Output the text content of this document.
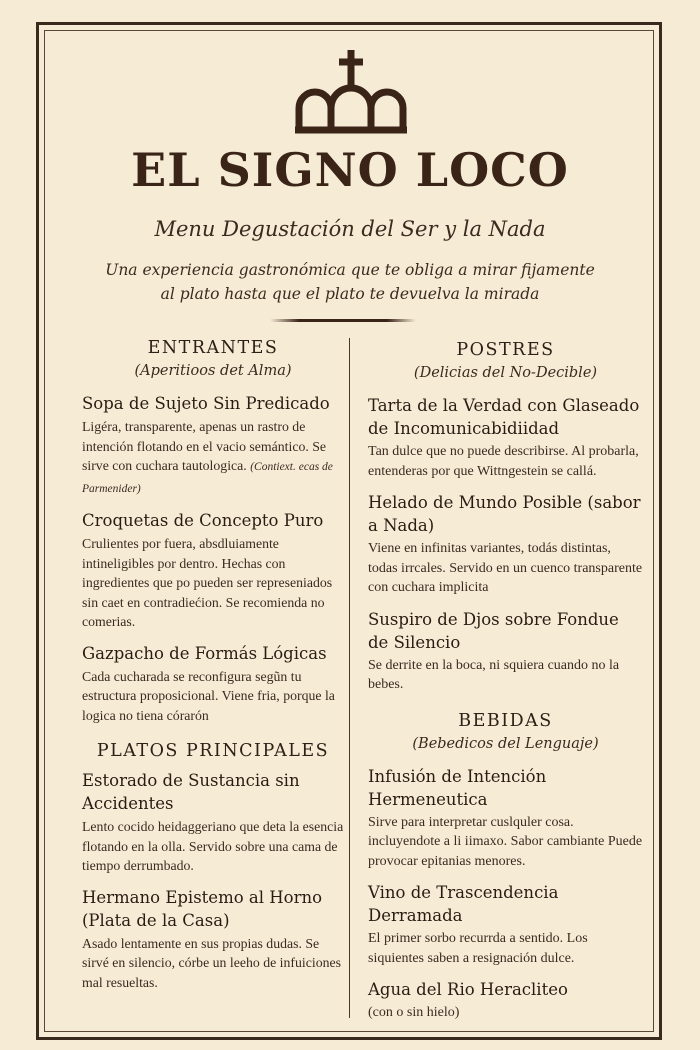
EL SIGNO LOCO
Menu Degustación del Ser y la Nada
Una experiencia gastronómica que te obliga a mirar fijamente
al plato hasta que el plato te devuelva la mirada
ENTRANTES
(Aperitioos det Alma)
Sopa de Sujeto Sin Predicado
Ligéra, transparente, apenas un rastro de intención flotando en el vacio semántico. Se sirve con cuchara tautologica. (Contiext. ecas de Parmenider)
Croquetas de Concepto Puro
Crulientes por fuera, absdluiamente intineligibles por dentro. Hechas con ingredientes que po pueden ser represeniados sin caet en contradiećion. Se recomienda no comerias.
Gazpacho de Formás Lógicas
Cada cucharada se reconfigura segũn tu estructura proposicional. Viene fria, porque la logica no tiena córarón
PLATOS PRINCIPALES
Estorado de Sustancia sin Accidentes
Lento cocido heidaggeriano que deta la esencia flotando en la olla. Servido sobre una cama de tiempo derrumbado.
Hermano Epistemo al Horno (Plata de la Casa)
Asado lentamente en sus propias dudas. Se sirvé en silencio, córbe un leeho de infuiciones mal resueltas.
POSTRES
(Delicias del No-Decible)
Tarta de la Verdad con Glaseado de Incomunicabidiidad
Tan dulce que no puede describirse. Al probarla, entenderas por que Wittngestein se callá.
Helado de Mundo Posible (sabor a Nada)
Viene en infinitas variantes, todás distintas, todas irrcales. Servido en un cuenco transparente con cuchara implicita
Suspiro de Djos sobre Fondue de Silencio
Se derrite en la boca, ni squiera cuando no la bebes.
BEBIDAS
(Bebedicos del Lenguaje)
Infusión de Intención Hermeneutica
Sirve para interpretar cuslquler cosa. incluyendote a li iimaxo. Sabor cambiante Puede provocar epitanias menores.
Vino de Trascendencia Derramada
El primer sorbo recurrda a sentido. Los siquientes saben a resignación dulce.
Agua del Rio Heracliteo
(con o sin hielo)
